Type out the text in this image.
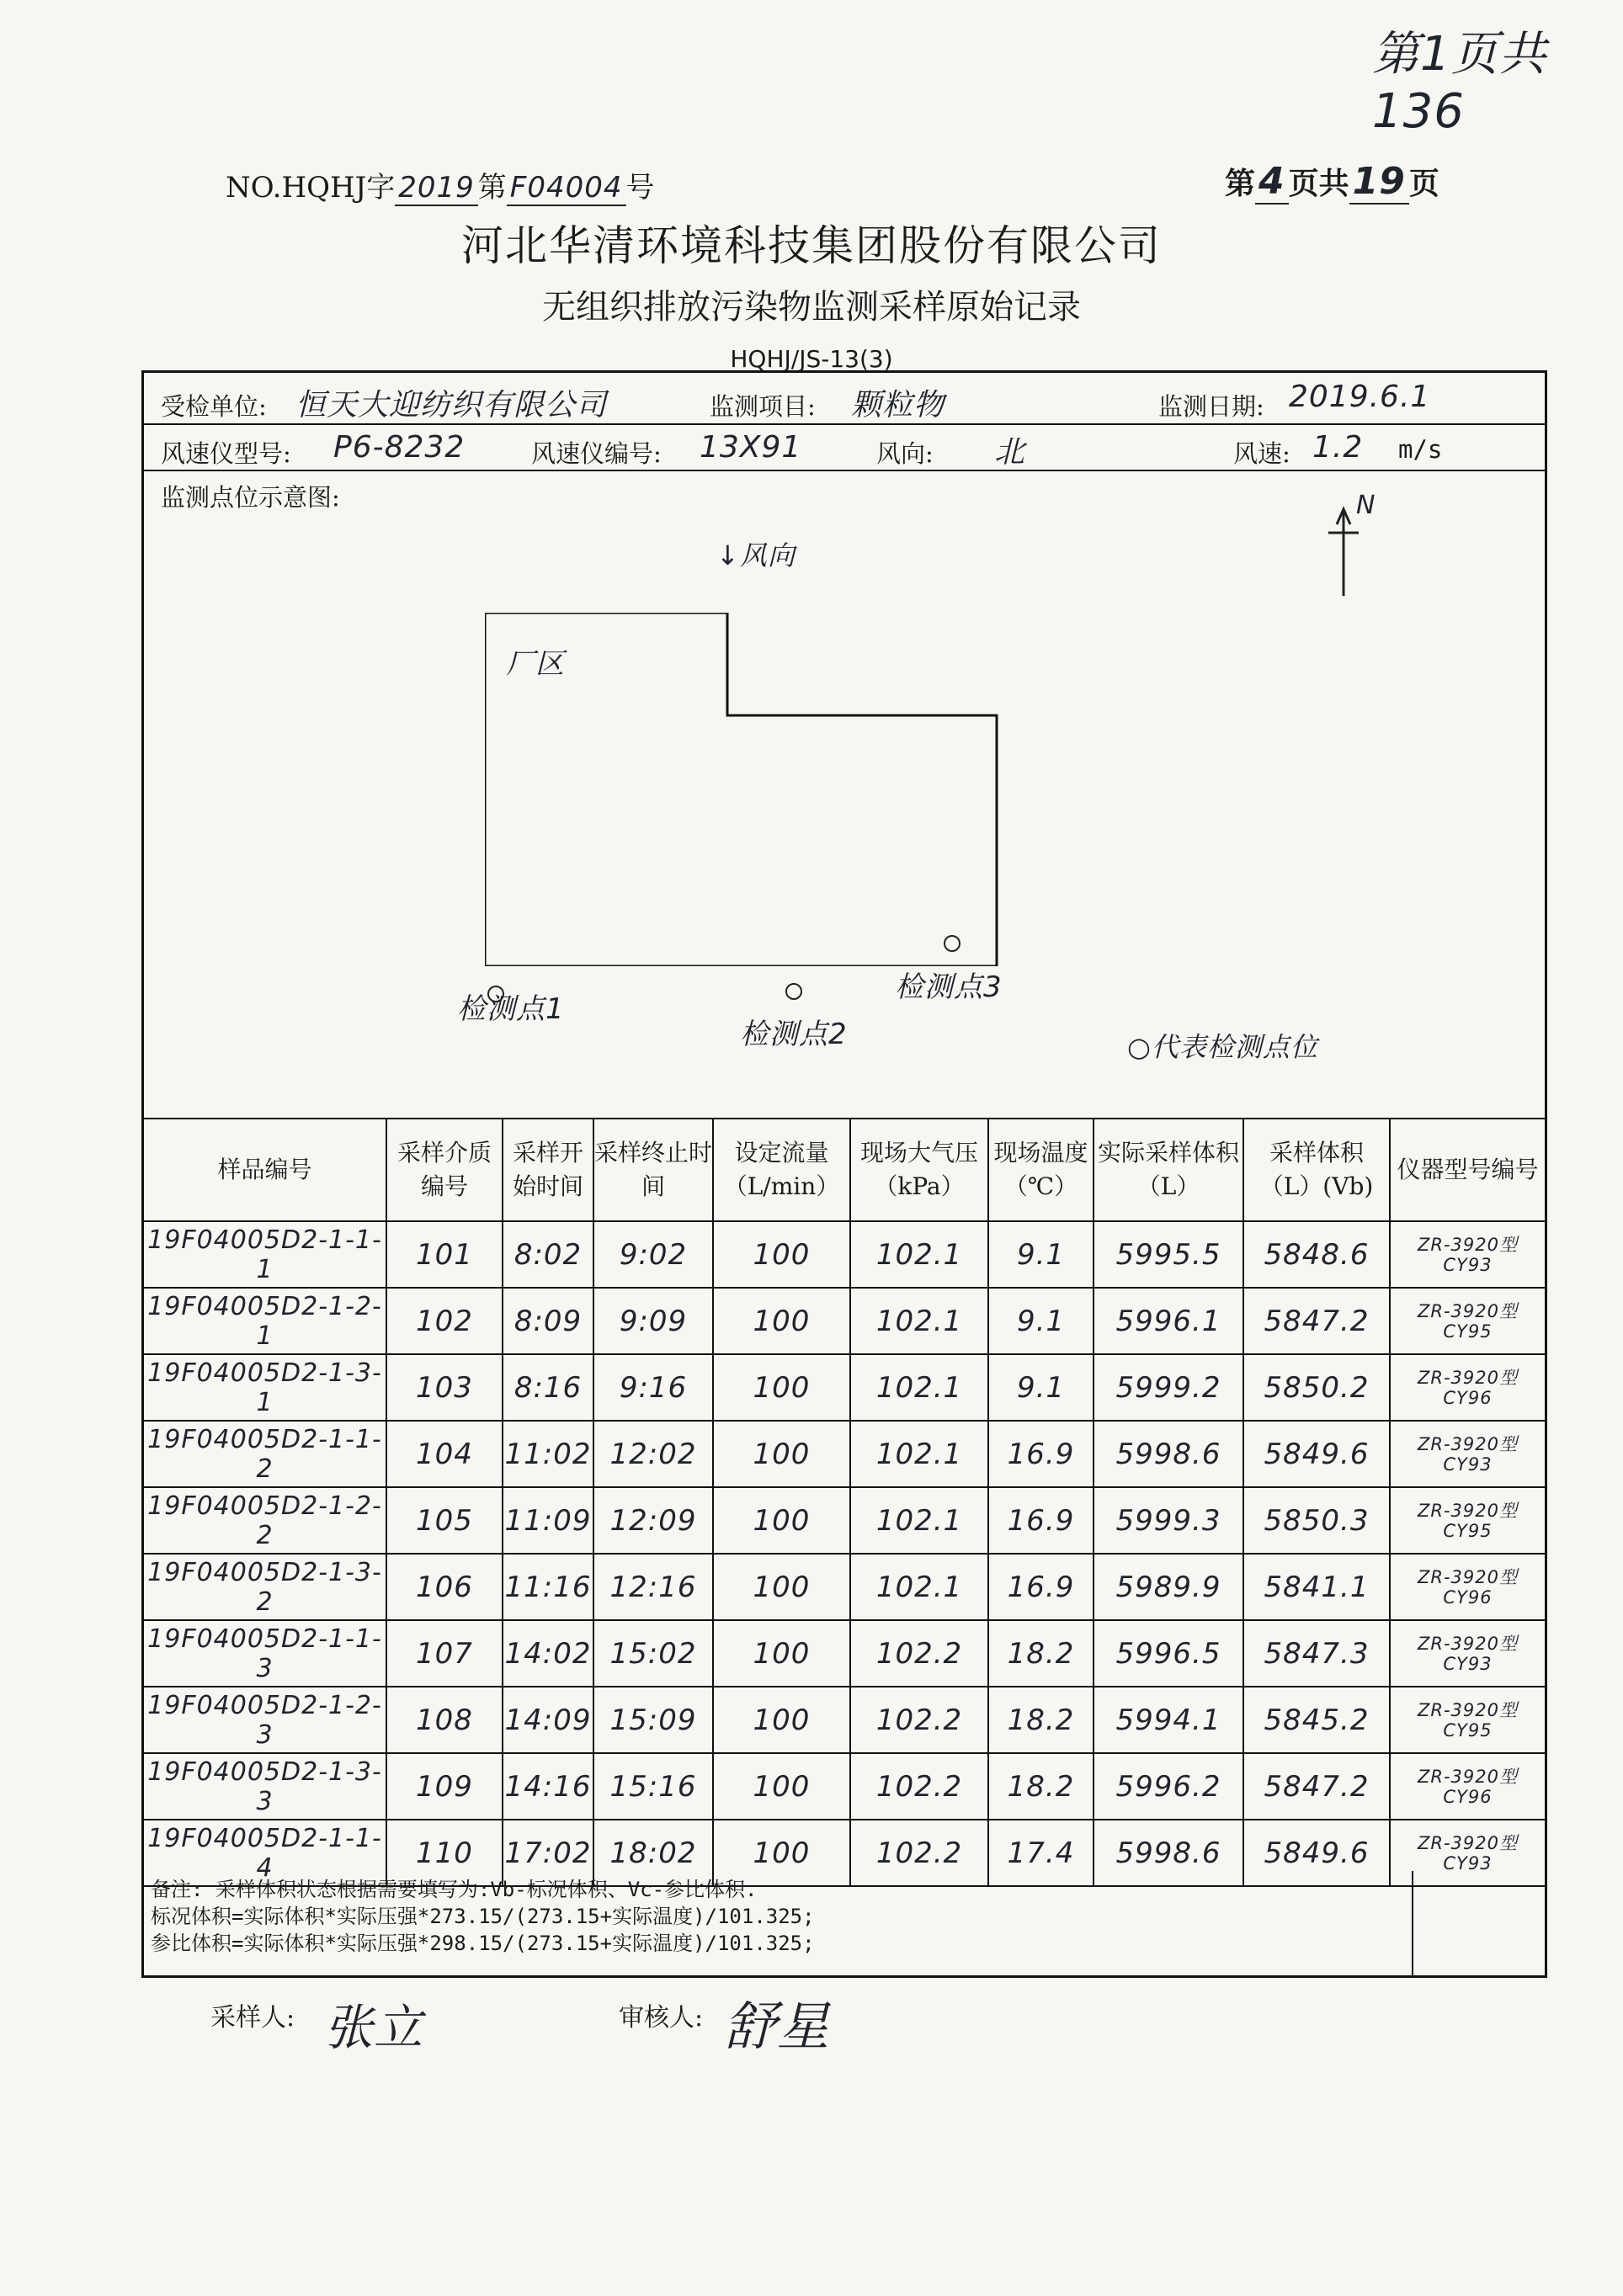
第1页共136
NO.HQHJ字 2019 第 F04004 号	第4 页共19 页
河北华清环境科技集团股份有限公司
无组织排放污染物监测采样原始记录
HQHJ/JS-13(3)
受检单位: 恒天大迎纺织有限公司	监测项目: 颗粒物	监测日期: 2019.6.1
风速仪型号: P6-8232	风速仪编号: 13X91	风向: 北	风速: 1.2 m/s
监测点位示意图:
↓风向
N
厂区
检测点1
检测点2
检测点3
○代表检测点位
样品编号	采样介质编号	采样开始时间	采样终止时间	设定流量（L/min）	现场大气压（kPa）	现场温度（℃）	实际采样体积（L）	采样体积（L）(Vb)	仪器型号编号
19F04005D2-1-1-1	101	8:02	9:02	100	102.1	9.1	5995.5	5848.6	ZR-3920型 CY93
19F04005D2-1-2-1	102	8:09	9:09	100	102.1	9.1	5996.1	5847.2	ZR-3920型 CY95
19F04005D2-1-3-1	103	8:16	9:16	100	102.1	9.1	5999.2	5850.2	ZR-3920型 CY96
19F04005D2-1-1-2	104	11:02	12:02	100	102.1	16.9	5998.6	5849.6	ZR-3920型 CY93
19F04005D2-1-2-2	105	11:09	12:09	100	102.1	16.9	5999.3	5850.3	ZR-3920型 CY95
19F04005D2-1-3-2	106	11:16	12:16	100	102.1	16.9	5989.9	5841.1	ZR-3920型 CY96
19F04005D2-1-1-3	107	14:02	15:02	100	102.2	18.2	5996.5	5847.3	ZR-3920型 CY93
19F04005D2-1-2-3	108	14:09	15:09	100	102.2	18.2	5994.1	5845.2	ZR-3920型 CY95
19F04005D2-1-3-3	109	14:16	15:16	100	102.2	18.2	5996.2	5847.2	ZR-3920型 CY96
19F04005D2-1-1-4	110	17:02	18:02	100	102.2	17.4	5998.6	5849.6	ZR-3920型 CY93
备注: 采样体积状态根据需要填写为:Vb-标况体积、Vc-参比体积.
标况体积=实际体积*实际压强*273.15/(273.15+实际温度)/101.325;
参比体积=实际体积*实际压强*298.15/(273.15+实际温度)/101.325;
采样人: 张立	审核人: 舒星
